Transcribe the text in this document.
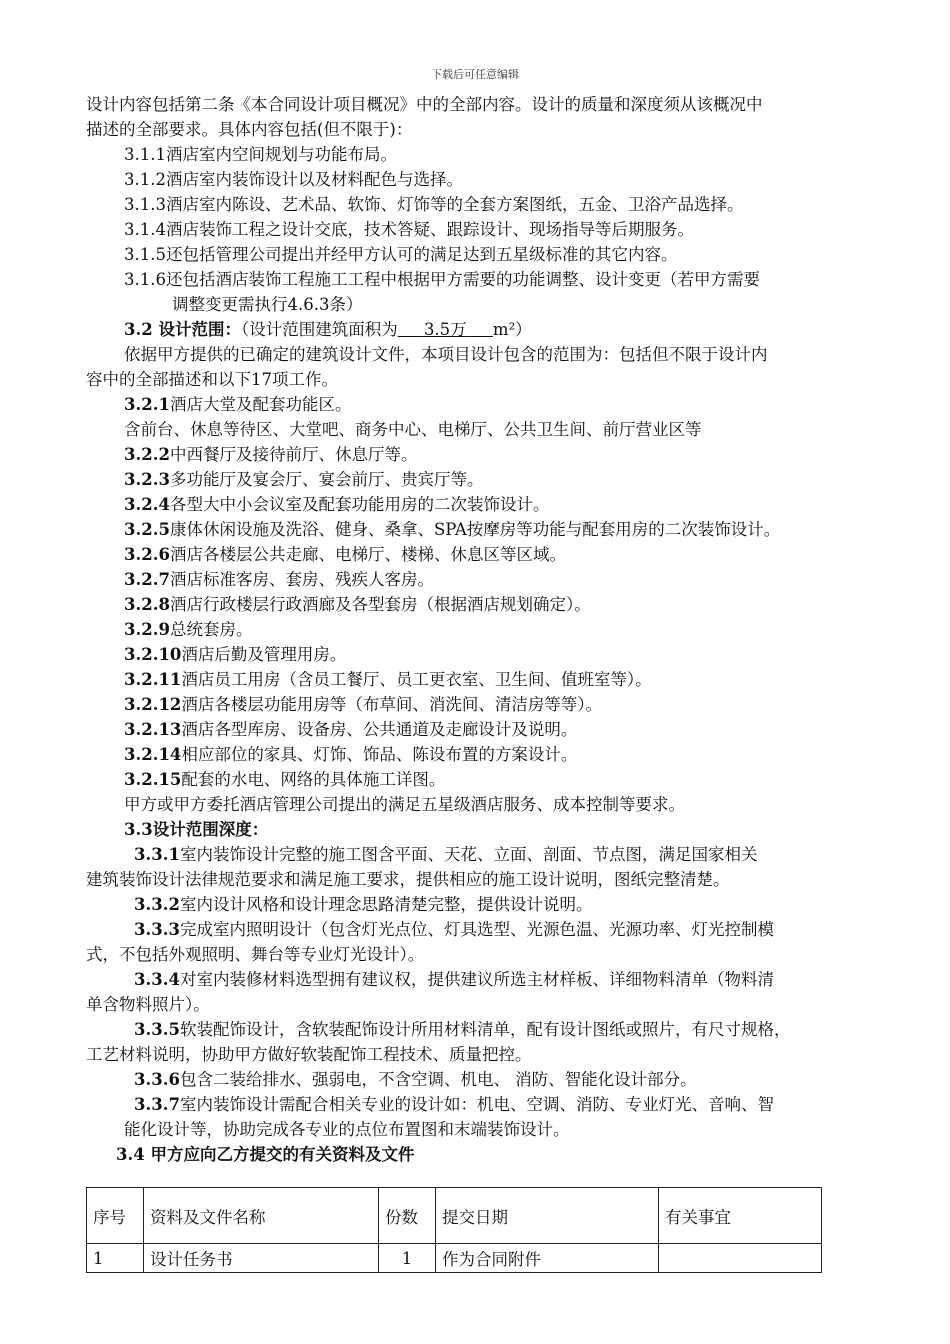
下载后可任意编辑

设计内容包括第二条《本合同设计项目概况》中的全部内容。设计的质量和深度须从该概况中

描述的全部要求。具体内容包括(但不限于)：

3.1.1酒店室内空间规划与功能布局。

3.1.2酒店室内装饰设计以及材料配色与选择。

3.1.3酒店室内陈设、艺术品、软饰、灯饰等的全套方案图纸，五金、卫浴产品选择。

3.1.4酒店装饰工程之设计交底，技术答疑、跟踪设计、现场指导等后期服务。

3.1.5还包括管理公司提出并经甲方认可的满足达到五星级标准的其它内容。

3.1.6还包括酒店装饰工程施工工程中根据甲方需要的功能调整、设计变更（若甲方需要
调整变更需执行4.6.3条）

3.2 设计范围：（设计范围建筑面积为 3.5万 m²）

依据甲方提供的已确定的建筑设计文件，本项目设计包含的范围为：包括但不限于设计内

容中的全部描述和以下17项工作。

3.2.1酒店大堂及配套功能区。

含前台、休息等待区、大堂吧、商务中心、电梯厅、公共卫生间、前厅营业区等

3.2.2中西餐厅及接待前厅、休息厅等。

3.2.3多功能厅及宴会厅、宴会前厅、贵宾厅等。

3.2.4各型大中小会议室及配套功能用房的二次装饰设计。

3.2.5康体休闲设施及洗浴、健身、桑拿、SPA按摩房等功能与配套用房的二次装饰设计。

3.2.6酒店各楼层公共走廊、电梯厅、楼梯、休息区等区域。

3.2.7酒店标准客房、套房、残疾人客房。

3.2.8酒店行政楼层行政酒廊及各型套房（根据酒店规划确定）。

3.2.9总统套房。

3.2.10酒店后勤及管理用房。

3.2.11酒店员工用房（含员工餐厅、员工更衣室、卫生间、值班室等）。

3.2.12酒店各楼层功能用房等（布草间、消洗间、清洁房等等）。

3.2.13酒店各型库房、设备房、公共通道及走廊设计及说明。

3.2.14相应部位的家具、灯饰、饰品、陈设布置的方案设计。

3.2.15配套的水电、网络的具体施工详图。

甲方或甲方委托酒店管理公司提出的满足五星级酒店服务、成本控制等要求。

3.3设计范围深度：

3.3.1室内装饰设计完整的施工图含平面、天花、立面、剖面、节点图，满足国家相关

建筑装饰设计法律规范要求和满足施工要求，提供相应的施工设计说明，图纸完整清楚。

3.3.2室内设计风格和设计理念思路清楚完整，提供设计说明。

3.3.3完成室内照明设计（包含灯光点位、灯具选型、光源色温、光源功率、灯光控制模

式，不包括外观照明、舞台等专业灯光设计）。

3.3.4对室内装修材料选型拥有建议权，提供建议所选主材样板、详细物料清单（物料清

单含物料照片）。

3.3.5软装配饰设计，含软装配饰设计所用材料清单，配有设计图纸或照片，有尺寸规格，

工艺材料说明，协助甲方做好软装配饰工程技术、质量把控。

3.3.6包含二装给排水、强弱电，不含空调、机电、 消防、智能化设计部分。

3.3.7室内装饰设计需配合相关专业的设计如：机电、空调、消防、专业灯光、音响、智

能化设计等，协助完成各专业的点位布置图和末端装饰设计。

3.4 甲方应向乙方提交的有关资料及文件

序号	资料及文件名称	份数	提交日期	有关事宜
1	设计任务书	1	作为合同附件	
